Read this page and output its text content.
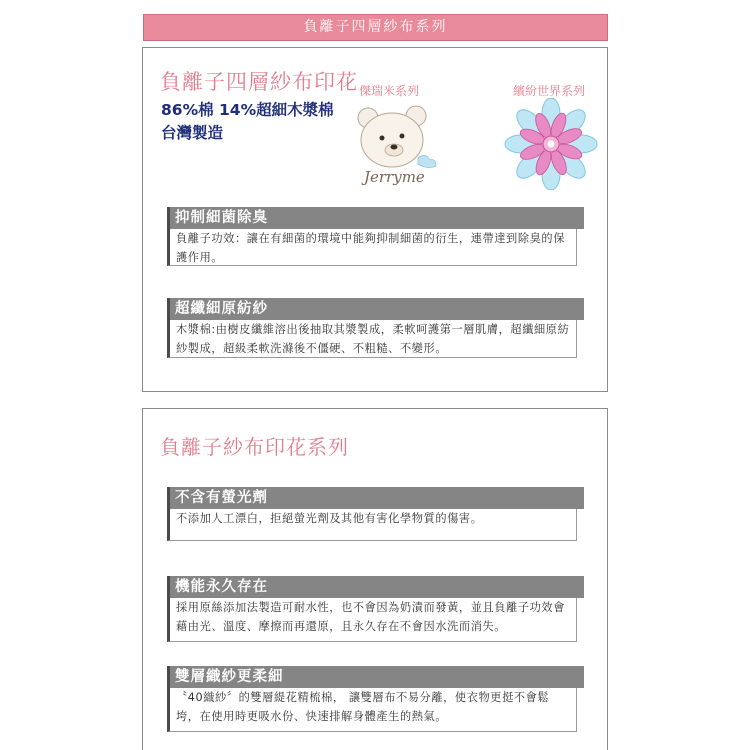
負離子四層紗布系列
負離子四層紗布印花
86%棉 14%超細木漿棉
台灣製造
傑瑞米系列	繽紛世界系列
Jerryme
抑制細菌除臭
負離子功效：讓在有細菌的環境中能夠抑制細菌的衍生，連帶達到除臭的保護作用。
超纖細原紡紗
木漿棉:由樹皮纖維溶出後抽取其漿製成，柔軟呵護第一層肌膚，超纖細原紡紗製成，超級柔軟洗滌後不僵硬、不粗糙、不變形。
負離子紗布印花系列
不含有螢光劑
不添加人工漂白，拒絕螢光劑及其他有害化學物質的傷害。
機能永久存在
採用原絲添加法製造可耐水性，也不會因為奶漬而發黃，並且負離子功效會藉由光、溫度、摩擦而再還原，且永久存在不會因水洗而消失。
雙層織紗更柔細
〝40織紗〞的雙層緹花精梳棉， 讓雙層布不易分離，使衣物更挺不會鬆垮，在使用時更吸水份、快速排解身體產生的熱氣。
